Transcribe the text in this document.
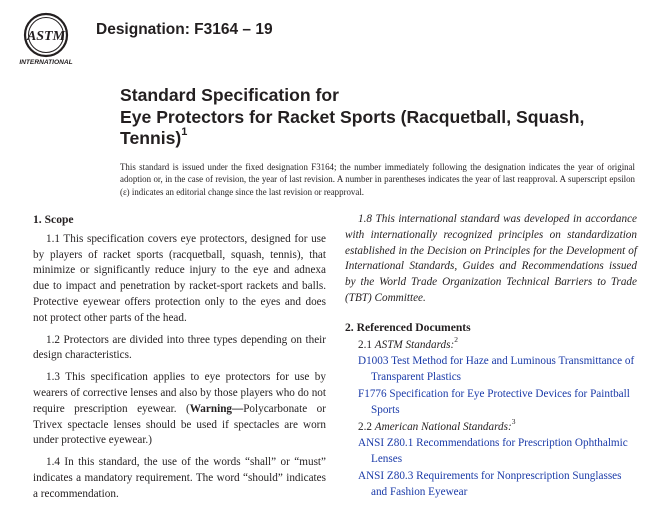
ASTM
INTERNATIONAL
Designation: F3164 – 19
Standard Specification for
Eye Protectors for Racket Sports (Racquetball, Squash, Tennis)$^1$
This standard is issued under the fixed designation F3164; the number immediately following the designation indicates the year of original adoption or, in the case of revision, the year of last revision. A number in parentheses indicates the year of last reapproval. A superscript epsilon (ε) indicates an editorial change since the last revision or reapproval.
1. Scope

1.1 This specification covers eye protectors, designed for use by players of racket sports (racquetball, squash, tennis), that minimize or significantly reduce injury to the eye and adnexa due to impact and penetration by racket-sport rackets and balls. Protective eyewear offers protection only to the eyes and does not protect other parts of the head.

1.2 Protectors are divided into three types depending on their design characteristics.

1.3 This specification applies to eye protectors for use by wearers of corrective lenses and also by those players who do not require prescription eyewear. (Warning—Polycarbonate or Trivex spectacle lenses should be used if spectacles are worn under protective eyewear.)

1.4 In this standard, the use of the words “shall” or “must” indicates a mandatory requirement. The word “should” indicates a recommendation.

1.8 This international standard was developed in accordance with internationally recognized principles on standardization established in the Decision on Principles for the Development of International Standards, Guides and Recommendations issued by the World Trade Organization Technical Barriers to Trade (TBT) Committee.

2. Referenced Documents
2.1 ASTM Standards:$^2$
D1003 Test Method for Haze and Luminous Transmittance of Transparent Plastics
F1776 Specification for Eye Protective Devices for Paintball Sports
2.2 American National Standards:$^3$
ANSI Z80.1 Recommendations for Prescription Ophthalmic Lenses
ANSI Z80.3 Requirements for Nonprescription Sunglasses and Fashion Eyewear
